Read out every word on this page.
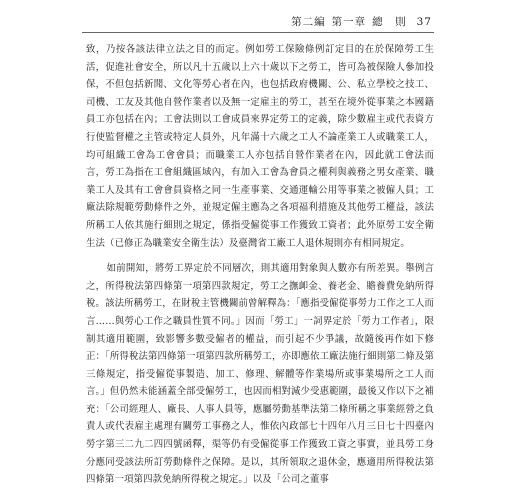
第二編 第一章 總　則 37

致，乃按各該法律立法之目的而定。例如勞工保險條例訂定目的在於保障勞工生活，促進社會安全，所以凡十五歲以上六十歲以下之勞工，皆可為被保險人參加投保，不但包括新聞、文化等勞心者在內，也包括政府機關、公、私立學校之技工、司機、工友及其他自營作業者以及無一定雇主的勞工，甚至在境外從事業之本國籍員工亦包括在內；工會法則以工會成員來界定勞工的定義，除少數雇主或代表資方行使監督權之主管或特定人員外，凡年滿十六歲之工人不論產業工人或職業工人，均可組織工會為工會會員；而職業工人亦包括自營作業者在內，因此就工會法而言，勞工為指在工會組織區域內，有加入工會為會員之權利與義務之男女產業、職業工人及其有工會會員資格之同一生產事業、交通運輸公用等事業之被僱人員；工廠法除規範勞動條件之外，並規定僱主應為之各項福利措施及其他勞工權益，該法所稱工人依其施行細則之規定，係指受僱從事工作獲致工資者；此外原勞工安全衛生法（已修正為職業安全衛生法）及臺灣省工廠工人退休規則亦有相同規定。

如前開知，將勞工界定於不同層次，則其適用對象與人數亦有所差異。舉例言之，所得稅法第四條第一項第四款規定，勞工之撫卹金、養老金、贍養費免納所得稅。該法所稱勞工，在財稅主管機關前曾解釋為：「應指受僱從事勞力工作之工人而言……與勞心工作之職員性質不同。」因而「勞工」一詞界定於「勞力工作者」，限制其適用範圍，致影響多數受僱者的權益，而引起不少爭議，故隨後再作如下修正：「所得稅法第四條第一項第四款所稱勞工，亦即應依工廠法施行細則第二條及第三條規定，指受僱從事製造、加工、修理、解體等作業場所或事業場所之工人而言。」但仍然未能涵蓋全部受僱勞工，也因而相對減少受惠範圍，最後又作以下之補充：「公司經理人、廠長、人事人員等，應屬勞動基準法第二條所稱之事業經營之負責人或代表雇主處理有關勞工事務之人，惟依內政部七十四年八月三日七十四臺內勞字第三二九二四四號函釋，渠等仍有受僱從事工作獲致工資之事實，並具勞工身分應同受該法所訂勞動條件之保障。是以，其所領取之退休金，應適用所得稅法第四條第一項第四款免納所得稅之規定。」以及「公司之董事
